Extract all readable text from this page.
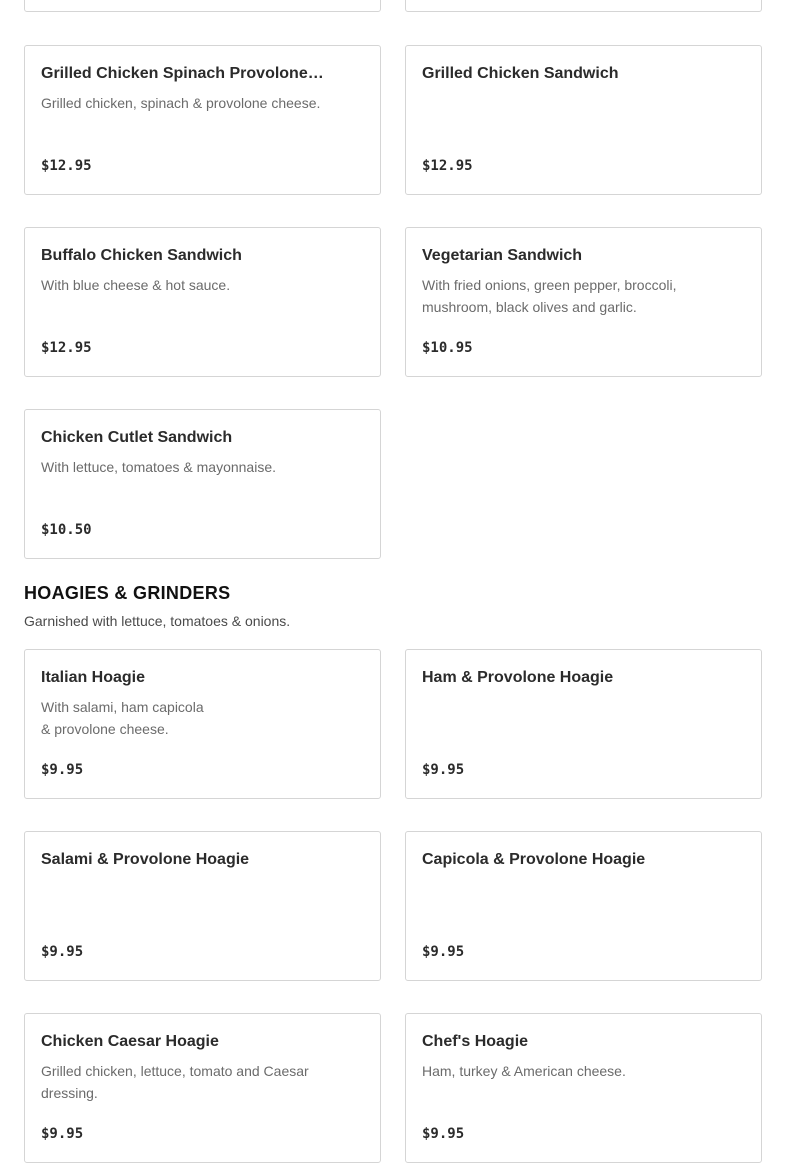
Grilled Chicken Spinach Provolone…
Grilled chicken, spinach & provolone cheese.
$12.95
Grilled Chicken Sandwich
$12.95
Buffalo Chicken Sandwich
With blue cheese & hot sauce.
$12.95
Vegetarian Sandwich
With fried onions, green pepper, broccoli,
mushroom, black olives and garlic.
$10.95
Chicken Cutlet Sandwich
With lettuce, tomatoes & mayonnaise.
$10.50
HOAGIES & GRINDERS
Garnished with lettuce, tomatoes & onions.
Italian Hoagie
With salami, ham capicola
& provolone cheese.
$9.95
Ham & Provolone Hoagie
$9.95
Salami & Provolone Hoagie
$9.95
Capicola & Provolone Hoagie
$9.95
Chicken Caesar Hoagie
Grilled chicken, lettuce, tomato and Caesar
dressing.
$9.95
Chef's Hoagie
Ham, turkey & American cheese.
$9.95
